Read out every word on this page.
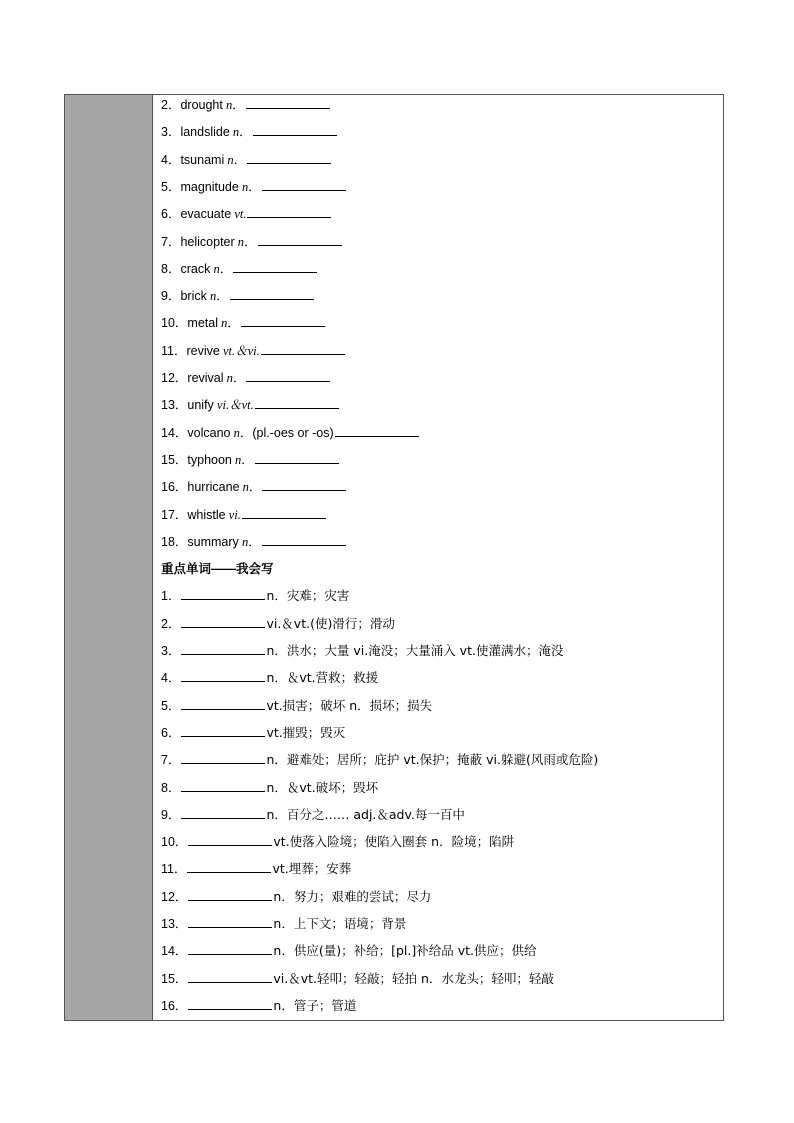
2．drought n．
3．landslide n．
4．tsunami n．
5．magnitude n．
6．evacuate vt.
7．helicopter n．
8．crack n．
9．brick n．
10．metal n．
11．revive vt.＆vi.
12．revival n．
13．unify vi.＆vt.
14．volcano n．(pl.-oes or -os)
15．typhoon n．
16．hurricane n．
17．whistle vi.
18．summary n．
重点单词——我会写
1．	n．灾难；灾害
2．	vi.＆vt.(使)滑行；滑动
3．	n．洪水；大量 vi.淹没；大量涌入 vt.使灌满水；淹没
4．	n．＆vt.营救；救援
5．	vt.损害；破坏 n．损坏；损失
6．	vt.摧毁；毁灭
7．	n．避难处；居所；庇护 vt.保护；掩蔽 vi.躲避(风雨或危险)
8．	n．＆vt.破坏；毁坏
9．	n．百分之…… adj.＆adv.每一百中
10．	vt.使落入险境；使陷入圈套 n．险境；陷阱
11．	vt.埋葬；安葬
12．	n．努力；艰难的尝试；尽力
13．	n．上下文；语境；背景
14．	n．供应(量)；补给；[pl.]补给品 vt.供应；供给
15．	vi.＆vt.轻叩；轻敲；轻拍 n．水龙头；轻叩；轻敲
16．	n．管子；管道
